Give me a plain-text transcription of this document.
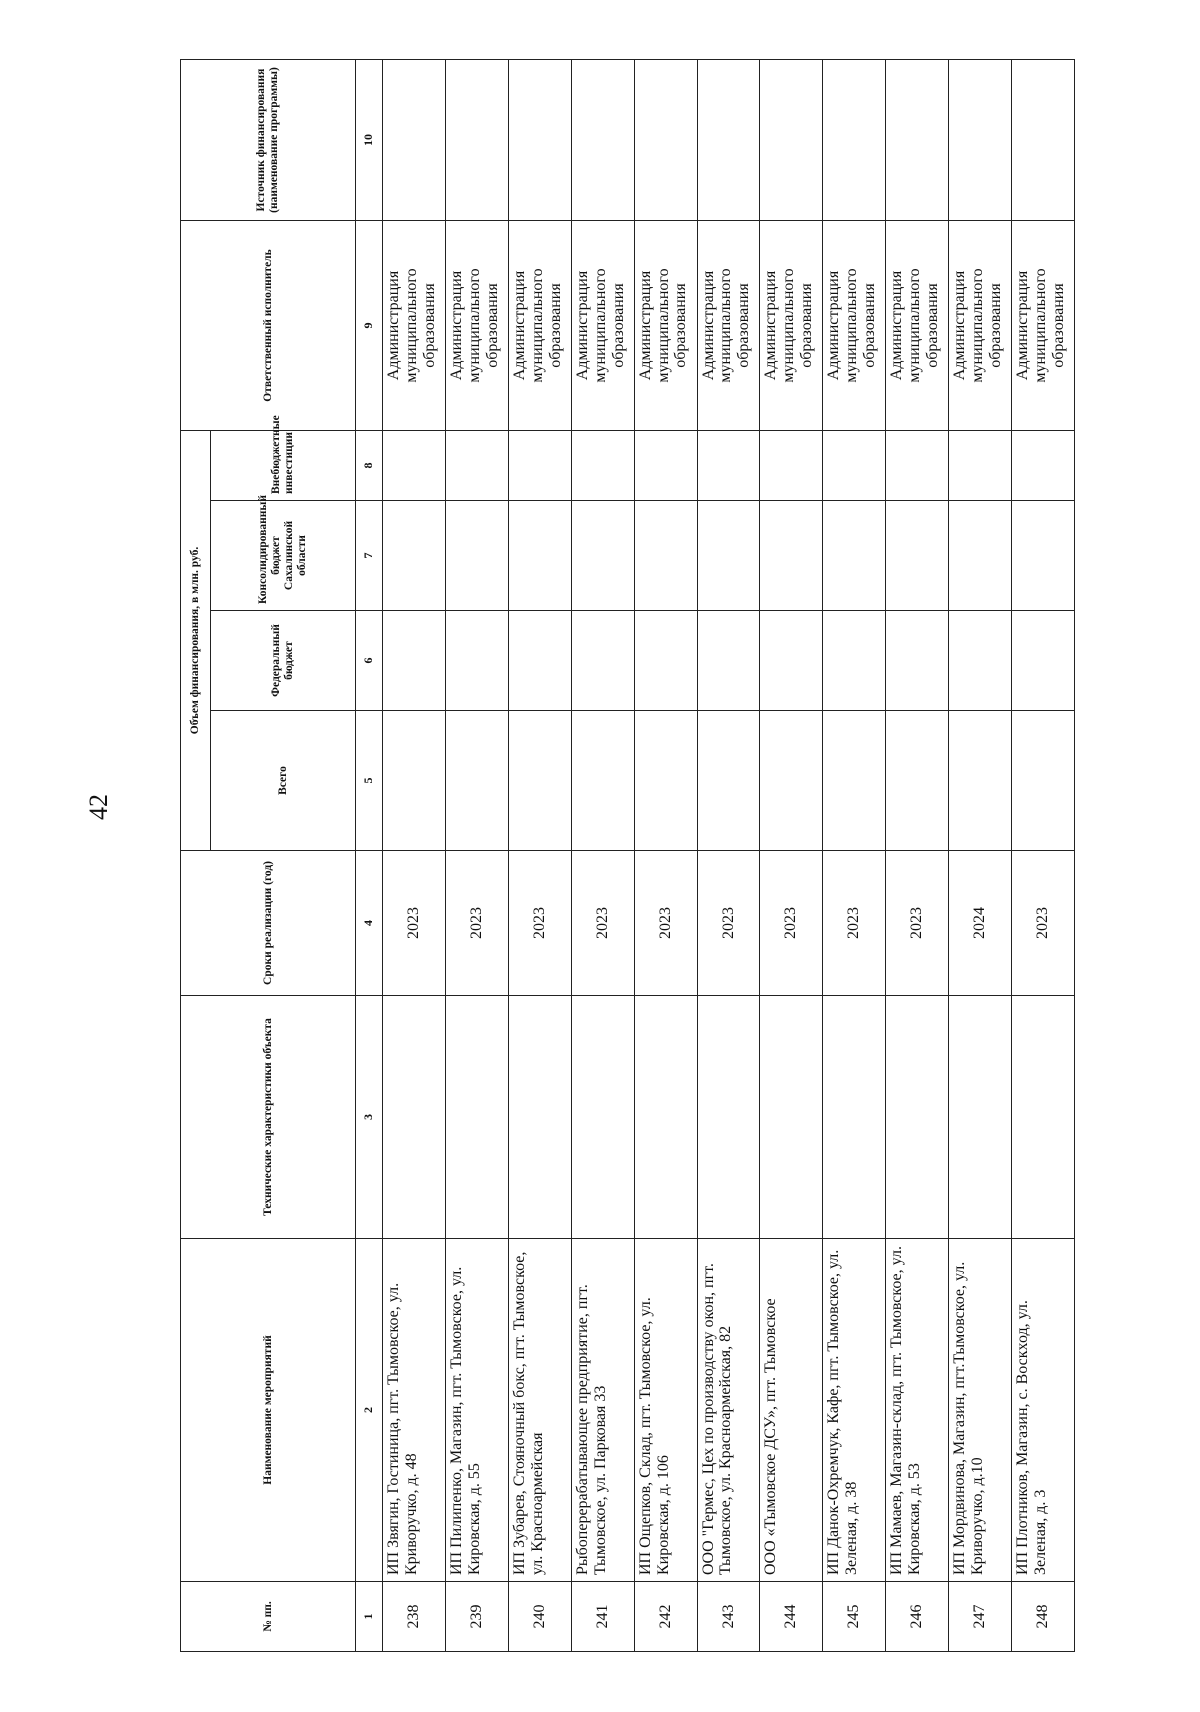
42
№ пп.	Наименование мероприятий	Технические характеристики объекта	Сроки реализации (год)	Объем финансирования, в млн. руб.				Ответственный исполнитель	Источник финансирования (наименование программы)
				Всего	Федеральный бюджет	Консолидированный бюджет Сахалинской области	Внебюджетные инвестиции		
1	2	3	4	5	6	7	8	9	10
238	ИП Звягин, Гостиница, пгт. Тымовское, ул. Криворучко, д. 48		2023					Администрация муниципального образования	
239	ИП Пилипенко, Магазин, пгт. Тымовское, ул. Кировская, д. 55		2023					Администрация муниципального образования	
240	ИП Зубарев, Стояночный бокс, пгт. Тымовское, ул. Красноармейская		2023					Администрация муниципального образования	
241	Рыбоперерабатывающее предприятие, пгт. Тымовское, ул. Парковая 33		2023					Администрация муниципального образования	
242	ИП Ощепков, Склад, пгт. Тымовское, ул. Кировская, д. 106		2023					Администрация муниципального образования	
243	ООО "Гермес, Цех по производству окон, пгт. Тымовское, ул. Красноармейская, 82		2023					Администрация муниципального образования	
244	ООО «Тымовское ДСУ», пгт. Тымовское		2023					Администрация муниципального образования	
245	ИП Данок-Охремчук, Кафе, пгт. Тымовское, ул. Зеленая, д. 38		2023					Администрация муниципального образования	
246	ИП Мамаев, Магазин-склад, пгт. Тымовское, ул. Кировская, д. 53		2023					Администрация муниципального образования	
247	ИП Мордвинова, Магазин, пгт.Тымовское, ул. Криворучко, д.10		2024					Администрация муниципального образования	
248	ИП Плотников, Магазин, с. Воскход, ул. Зеленая, д. 3		2023					Администрация муниципального образования	
